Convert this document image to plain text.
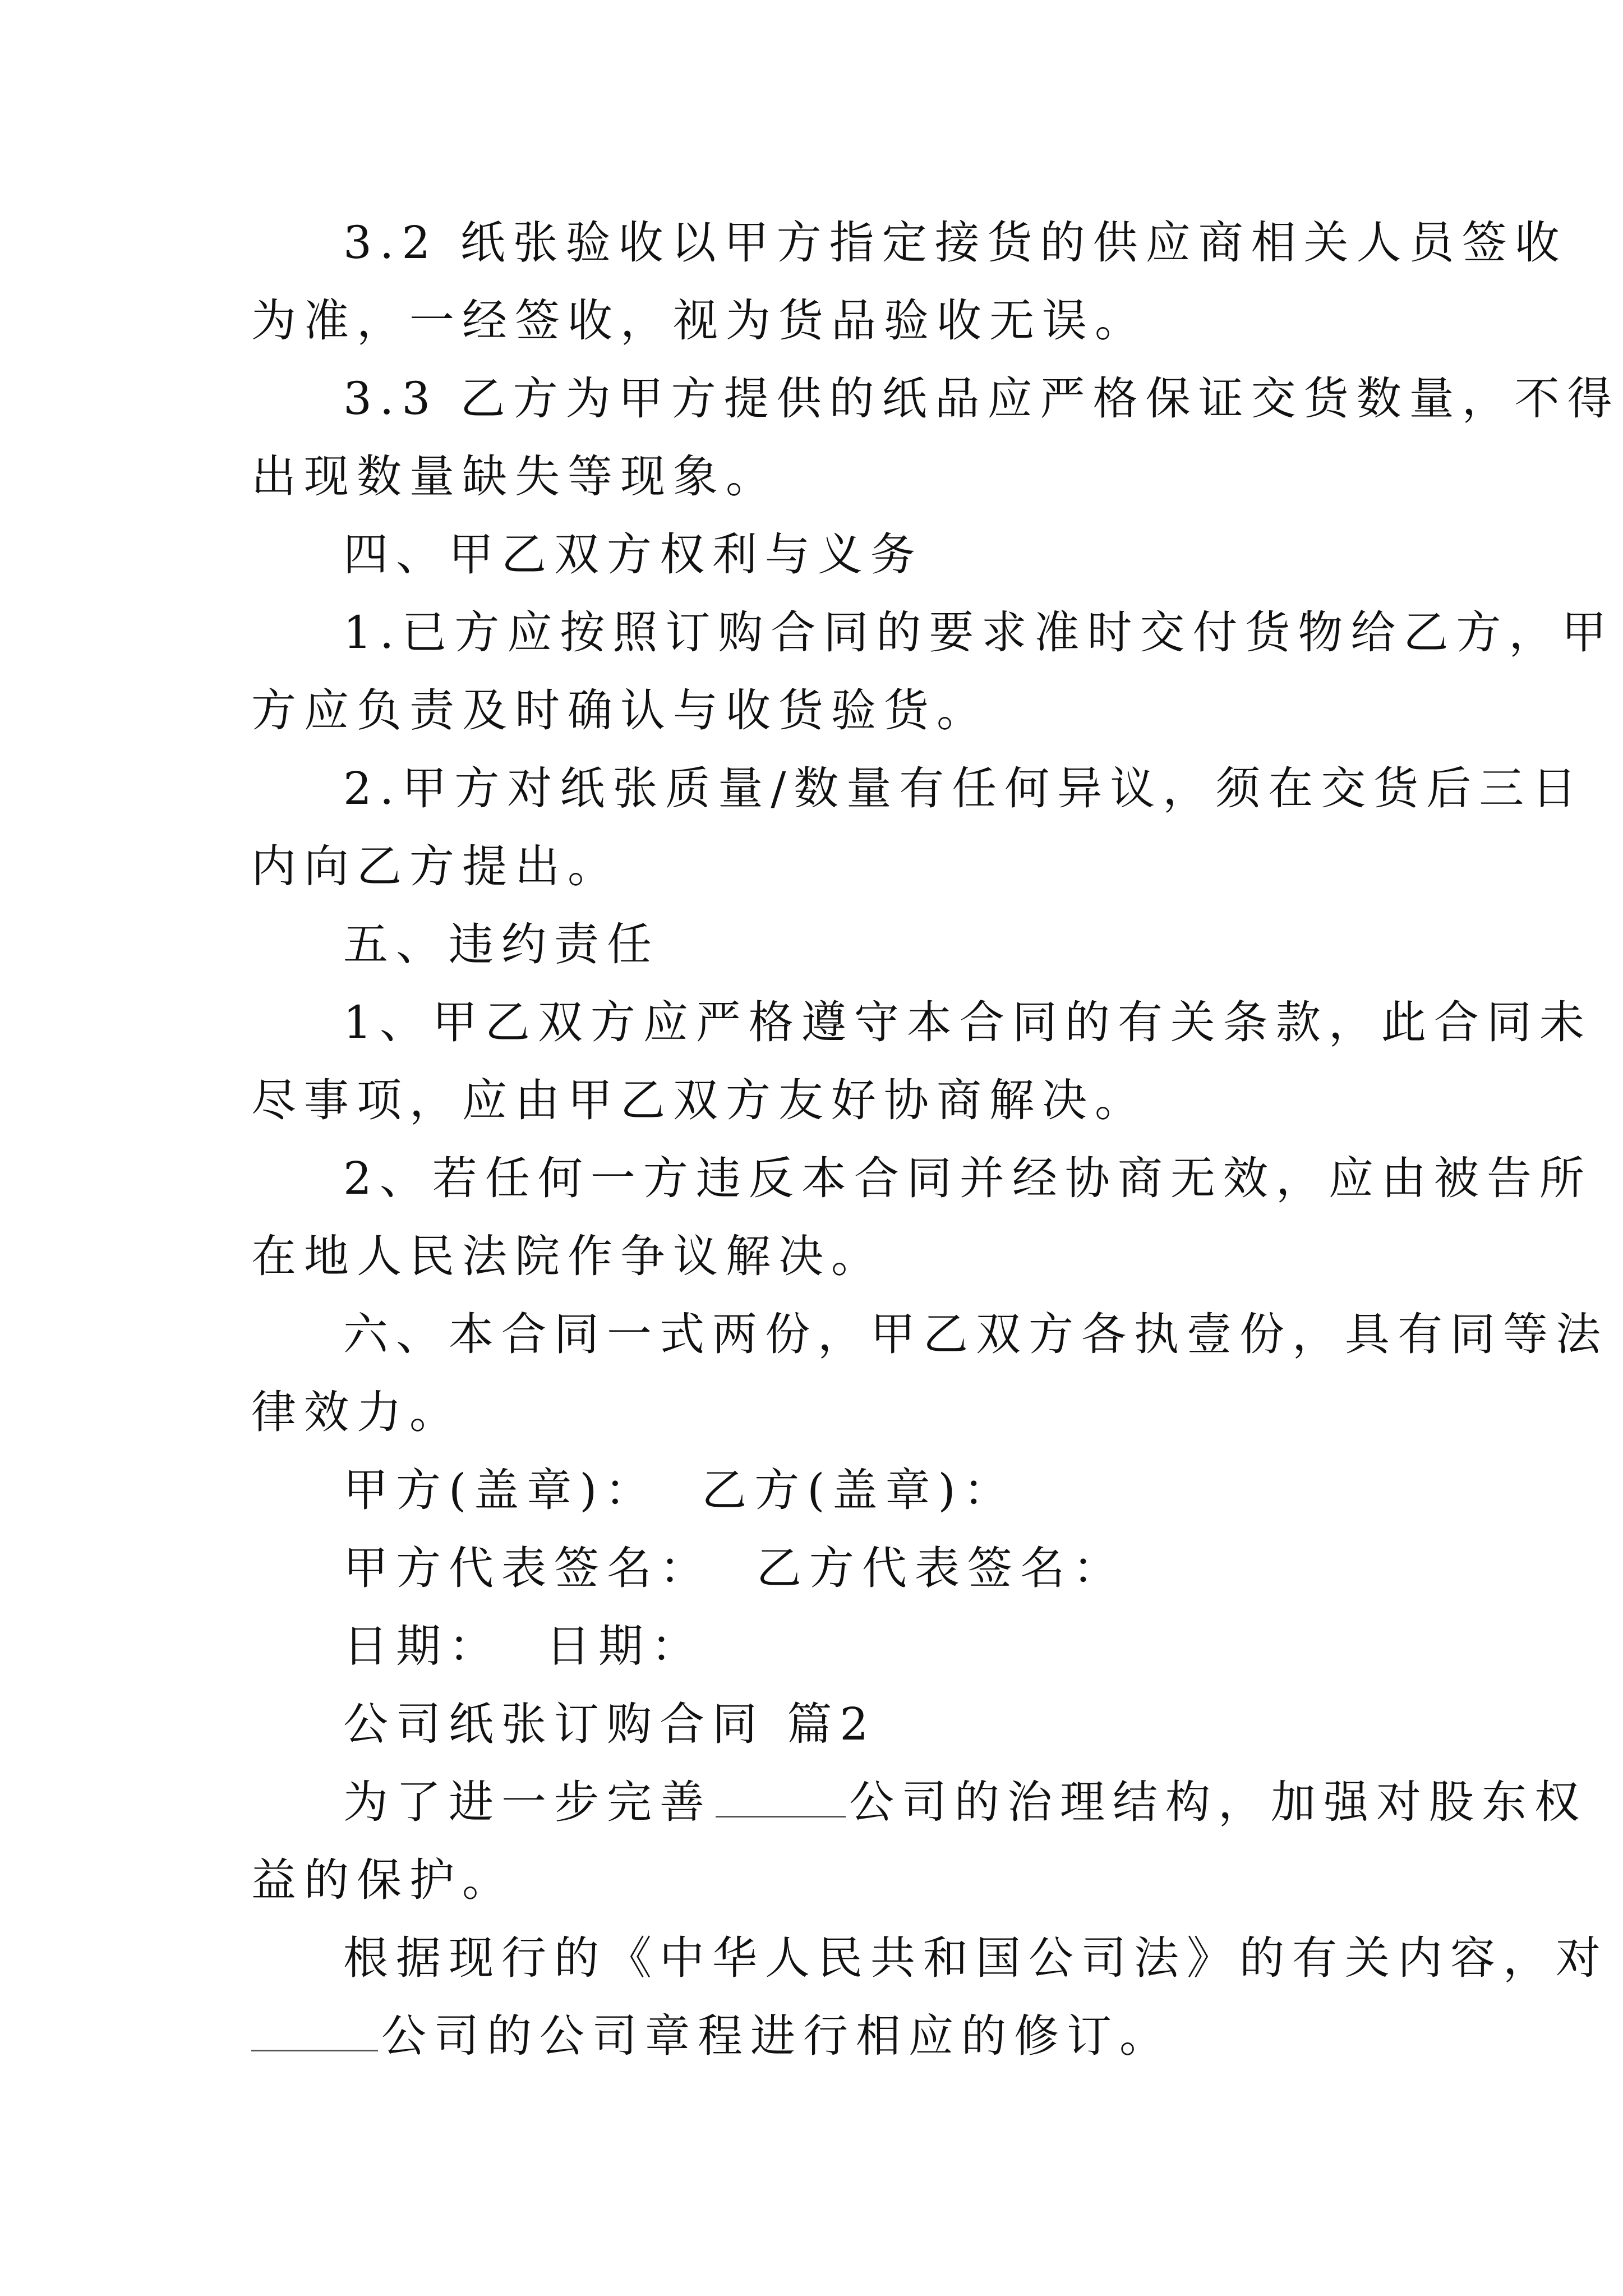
3.2 纸张验收以甲方指定接货的供应商相关人员签收
为准，一经签收，视为货品验收无误。
3.3 乙方为甲方提供的纸品应严格保证交货数量，不得
出现数量缺失等现象。
四、甲乙双方权利与义务
1.已方应按照订购合同的要求准时交付货物给乙方，甲
方应负责及时确认与收货验货。
2.甲方对纸张质量/数量有任何异议，须在交货后三日
内向乙方提出。
五、违约责任
1、甲乙双方应严格遵守本合同的有关条款，此合同未
尽事项，应由甲乙双方友好协商解决。
2、若任何一方违反本合同并经协商无效，应由被告所
在地人民法院作争议解决。
六、本合同一式两份，甲乙双方各执壹份，具有同等法
律效力。
甲方(盖章)：  乙方(盖章)：
甲方代表签名：  乙方代表签名：
日期：  日期：
公司纸张订购合同 篇2
为了进一步完善	公司的治理结构，加强对股东权
益的保护。
根据现行的《中华人民共和国公司法》的有关内容，对
公司的公司章程进行相应的修订。
